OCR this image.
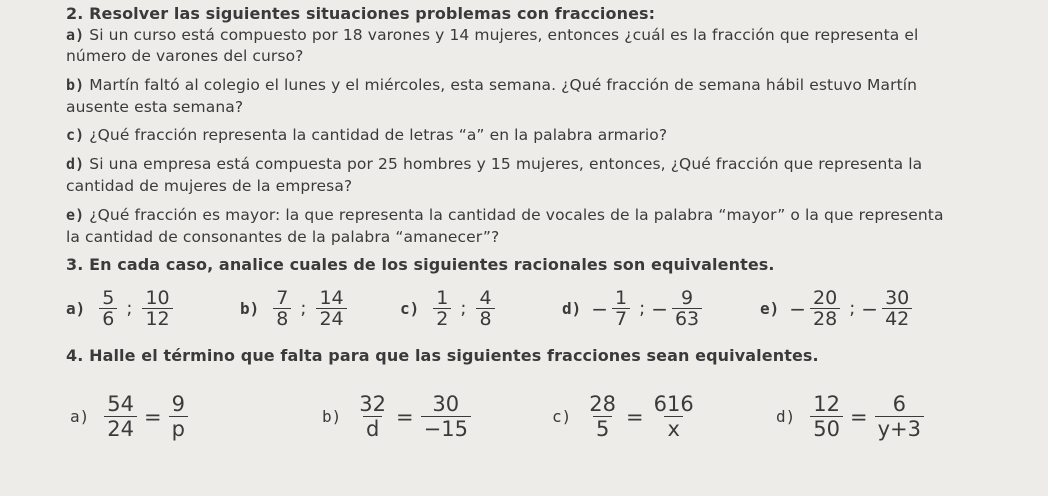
2. Resolver las siguientes situaciones problemas con fracciones:
a) Si un curso está compuesto por 18 varones y 14 mujeres, entonces ¿cuál es la fracción que representa el
número de varones del curso?
b) Martín faltó al colegio el lunes y el miércoles, esta semana. ¿Qué fracción de semana hábil estuvo Martín
ausente esta semana?
c) ¿Qué fracción representa la cantidad de letras “a” en la palabra armario?
d) Si una empresa está compuesta por 25 hombres y 15 mujeres, entonces, ¿Qué fracción que representa la
cantidad de mujeres de la empresa?
e) ¿Qué fracción es mayor: la que representa la cantidad de vocales de la palabra “mayor” o la que representa
la cantidad de consonantes de la palabra “amanecer”?
3. En cada caso, analice cuales de los siguientes racionales son equivalentes.
$a) \frac{5}{6}$ ; $\frac{10}{12}$	$b) \frac{7}{8}$ ; $\frac{14}{24}$	$c) \frac{1}{2}$ ; $\frac{4}{8}$	$d) - \frac{1}{7}$ ; − $\frac{9}{63}$	$e) - \frac{20}{28}$ ; − $\frac{30}{42}$
4. Halle el término que falta para que las siguientes fracciones sean equivalentes.
$a) \frac{54}{24} = \frac{9}{p}$	$b) \frac{32}{d} = \frac{30}{-15}$	$c) \frac{28}{5} = \frac{616}{x}$	$d) \frac{12}{50} = \frac{6}{y+3}$
